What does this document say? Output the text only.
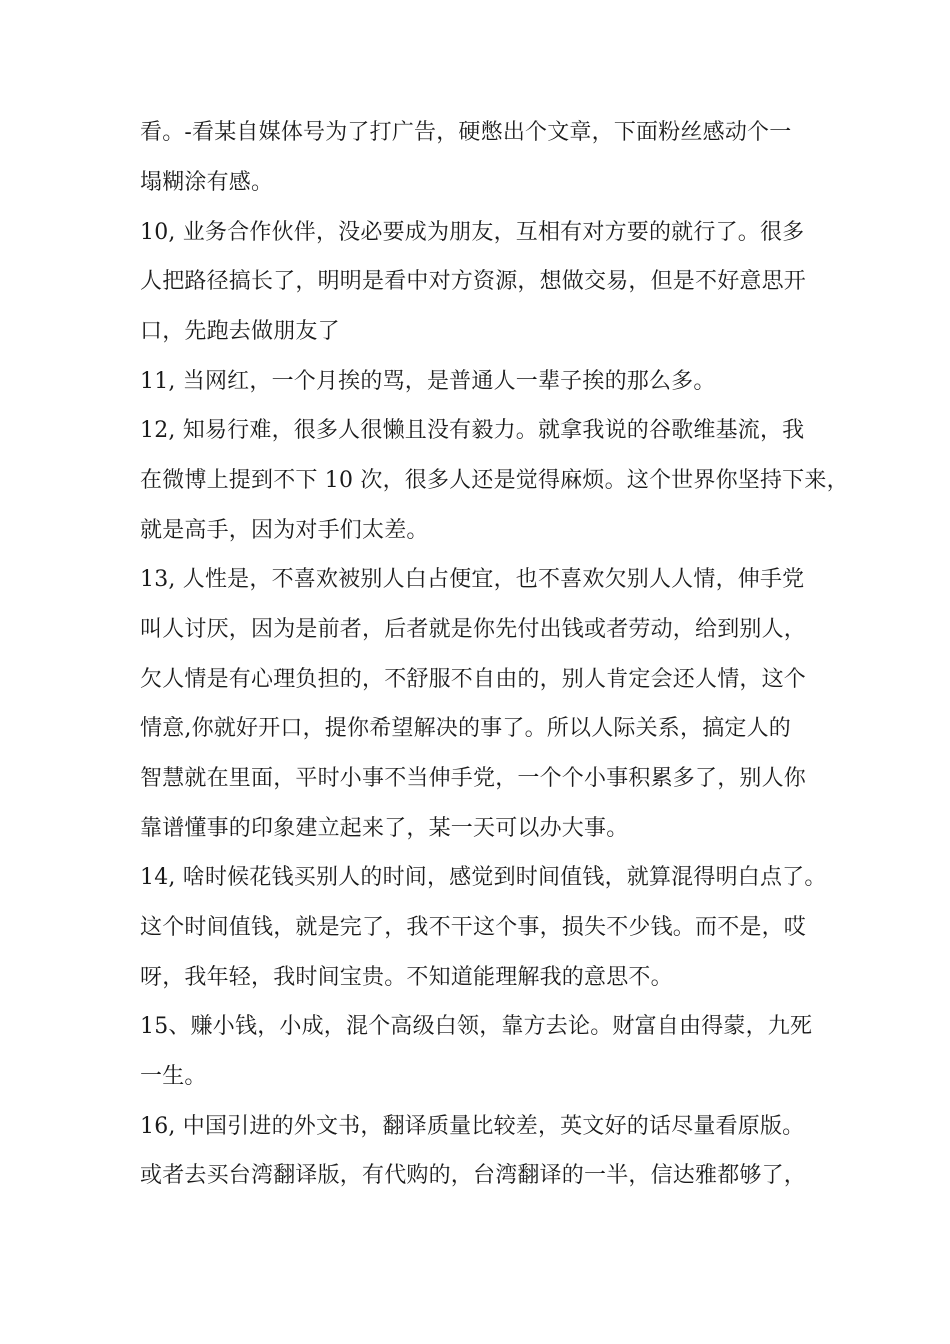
看。-看某自媒体号为了打广告，硬憋出个文章，下面粉丝感动个一
塌糊涂有感。
10, 业务合作伙伴，没必要成为朋友，互相有对方要的就行了。很多
人把路径搞长了，明明是看中对方资源，想做交易，但是不好意思开
口，先跑去做朋友了
11, 当网红，一个月挨的骂，是普通人一辈子挨的那么多。
12, 知易行难，很多人很懒且没有毅力。就拿我说的谷歌维基流，我
在微博上提到不下 10 次，很多人还是觉得麻烦。这个世界你坚持下来，
就是高手，因为对手们太差。
13, 人性是，不喜欢被别人白占便宜，也不喜欢欠别人人情，伸手党
叫人讨厌，因为是前者，后者就是你先付出钱或者劳动，给到别人，
欠人情是有心理负担的，不舒服不自由的，别人肯定会还人情，这个
情意,你就好开口，提你希望解决的事了。所以人际关系，搞定人的
智慧就在里面，平时小事不当伸手党，一个个小事积累多了，别人你
靠谱懂事的印象建立起来了，某一天可以办大事。
14, 啥时候花钱买别人的时间，感觉到时间值钱，就算混得明白点了。
这个时间值钱，就是完了，我不干这个事，损失不少钱。而不是，哎
呀，我年轻，我时间宝贵。不知道能理解我的意思不。
15、赚小钱，小成，混个高级白领，靠方去论。财富自由得蒙，九死
一生。
16, 中国引进的外文书，翻译质量比较差，英文好的话尽量看原版。
或者去买台湾翻译版，有代购的，台湾翻译的一半，信达雅都够了，
